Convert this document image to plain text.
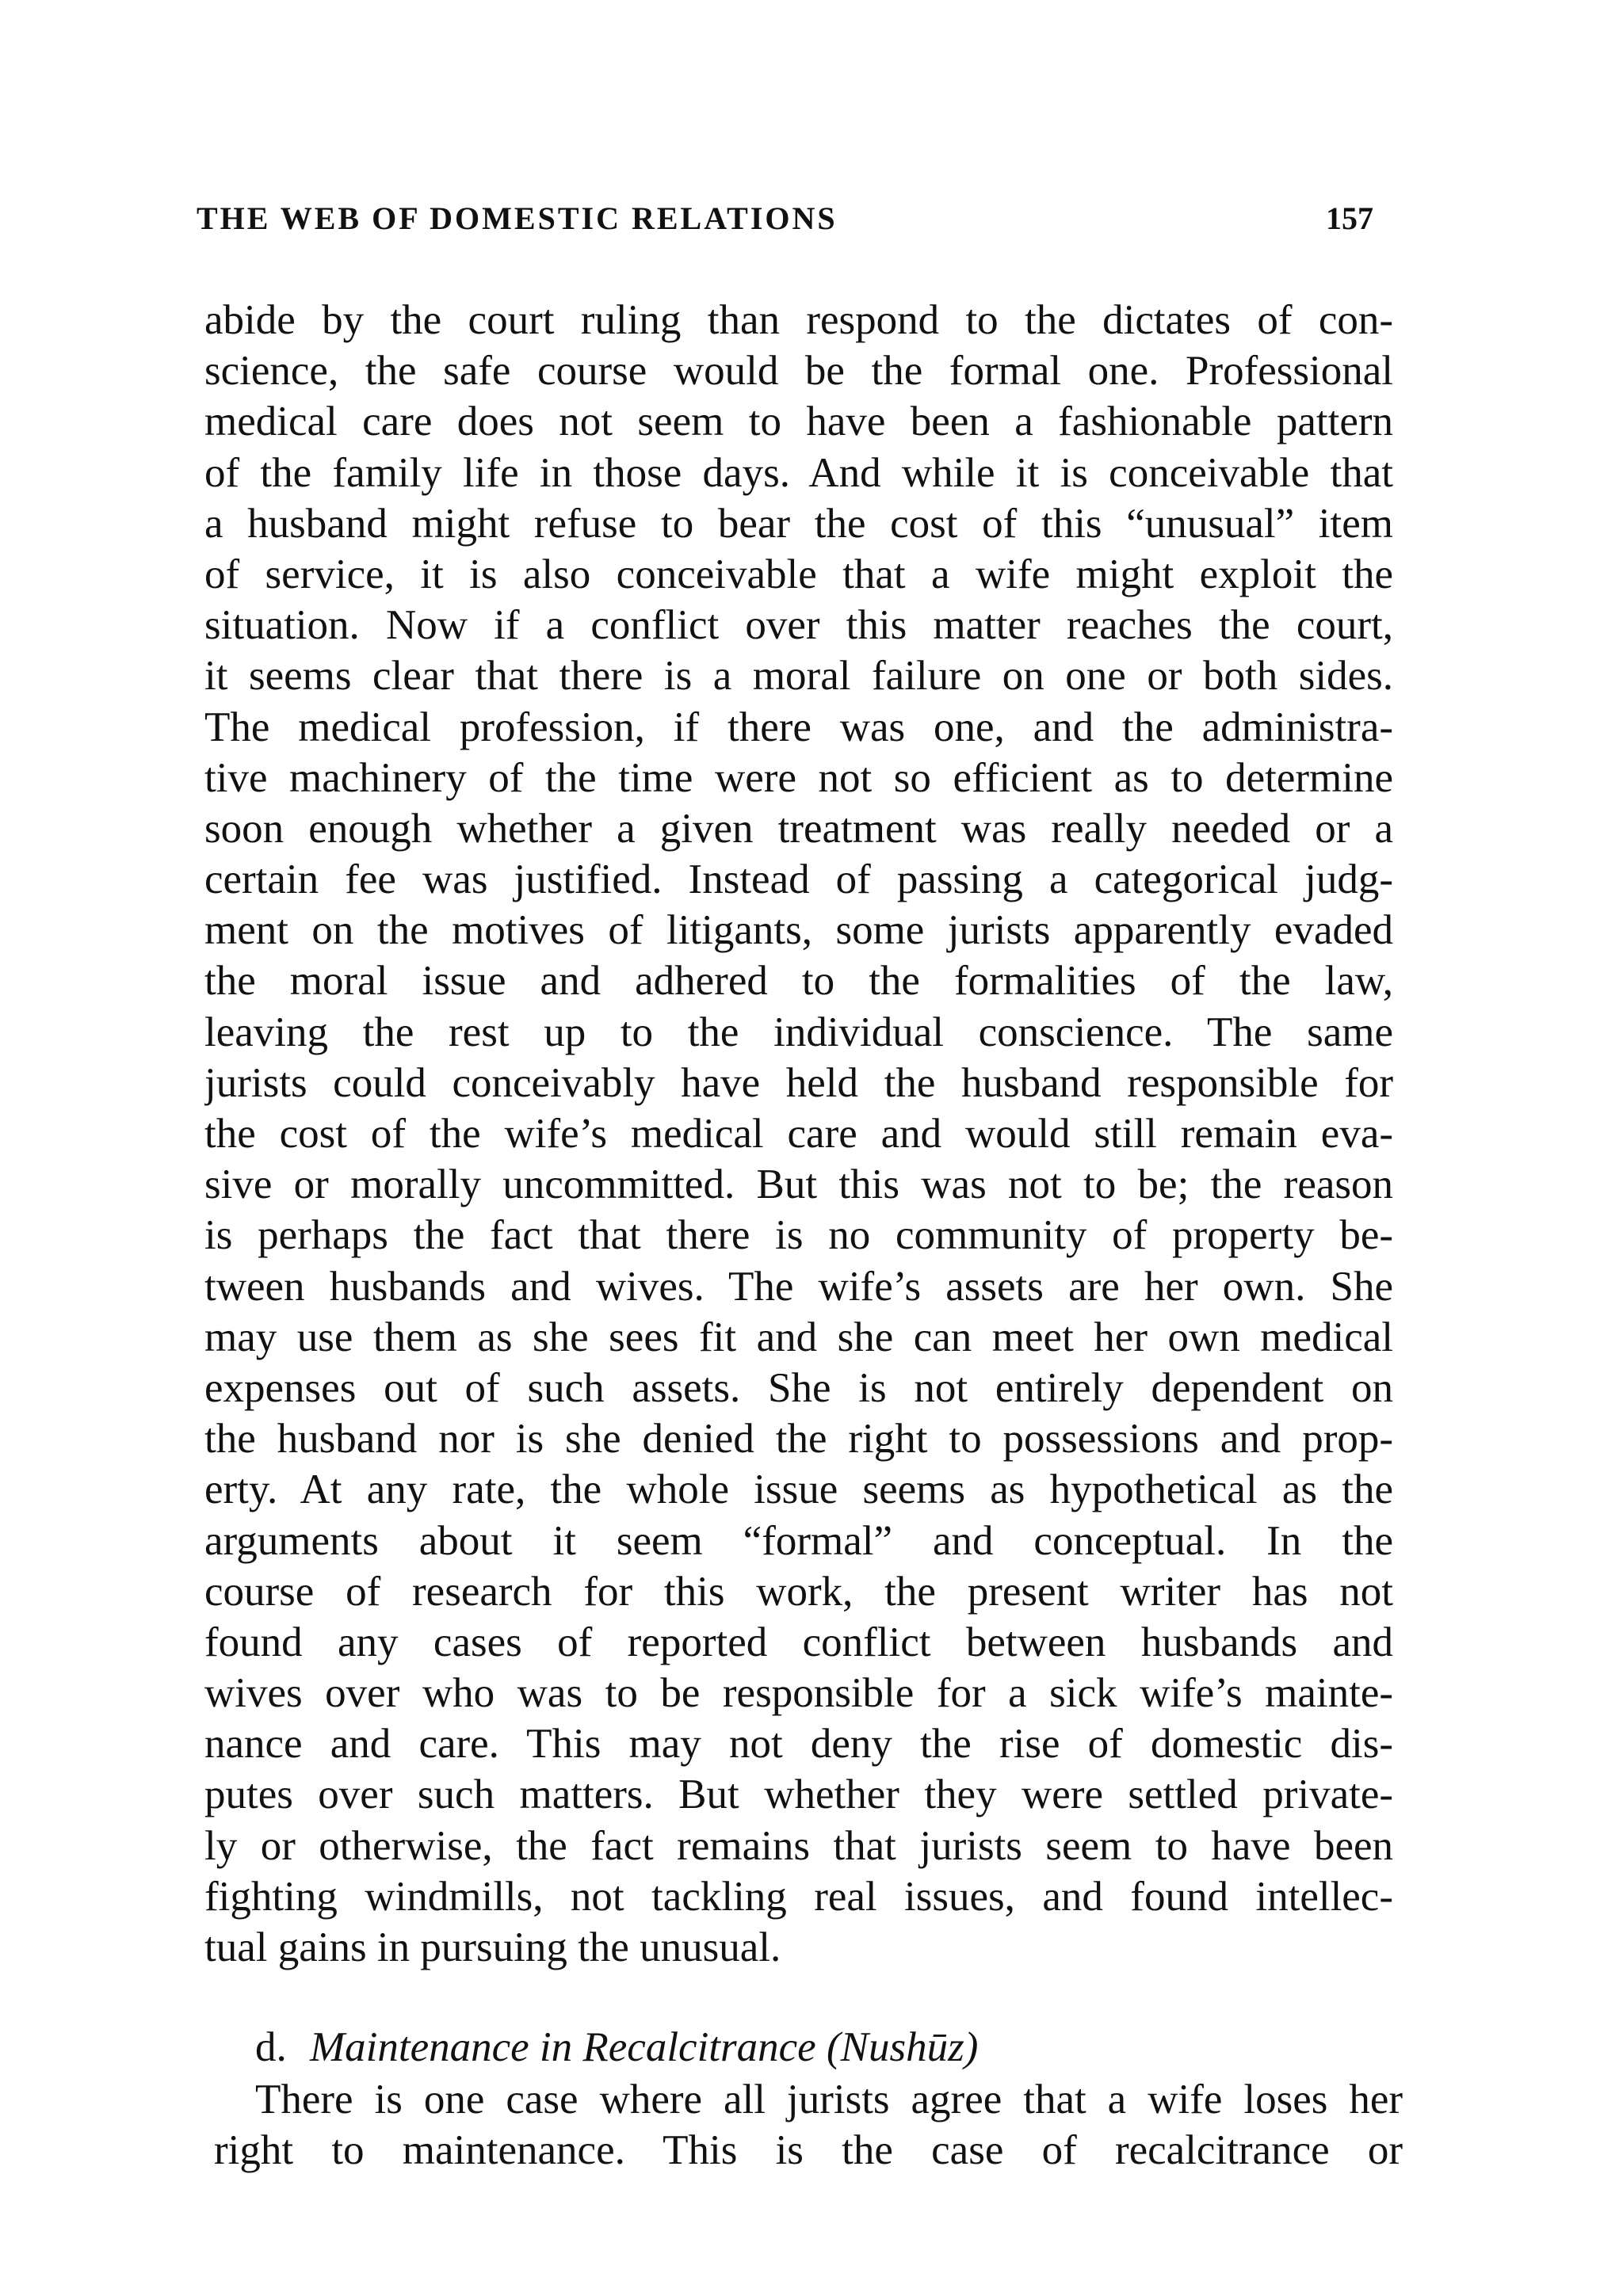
THE WEB OF DOMESTIC RELATIONS	157
abide by the court ruling than respond to the dictates of con-
science, the safe course would be the formal one. Professional
medical care does not seem to have been a fashionable pattern
of the family life in those days. And while it is conceivable that
a husband might refuse to bear the cost of this “unusual” item
of service, it is also conceivable that a wife might exploit the
situation. Now if a conflict over this matter reaches the court,
it seems clear that there is a moral failure on one or both sides.
The medical profession, if there was one, and the administra-
tive machinery of the time were not so efficient as to determine
soon enough whether a given treatment was really needed or a
certain fee was justified. Instead of passing a categorical judg-
ment on the motives of litigants, some jurists apparently evaded
the moral issue and adhered to the formalities of the law,
leaving the rest up to the individual conscience. The same
jurists could conceivably have held the husband responsible for
the cost of the wife’s medical care and would still remain eva-
sive or morally uncommitted. But this was not to be; the reason
is perhaps the fact that there is no community of property be-
tween husbands and wives. The wife’s assets are her own. She
may use them as she sees fit and she can meet her own medical
expenses out of such assets. She is not entirely dependent on
the husband nor is she denied the right to possessions and prop-
erty. At any rate, the whole issue seems as hypothetical as the
arguments about it seem “formal” and conceptual. In the
course of research for this work, the present writer has not
found any cases of reported conflict between husbands and
wives over who was to be responsible for a sick wife’s mainte-
nance and care. This may not deny the rise of domestic dis-
putes over such matters. But whether they were settled private-
ly or otherwise, the fact remains that jurists seem to have been
fighting windmills, not tackling real issues, and found intellec-
tual gains in pursuing the unusual.
d. Maintenance in Recalcitrance (Nushūz)
There is one case where all jurists agree that a wife loses her
right to maintenance. This is the case of recalcitrance or
